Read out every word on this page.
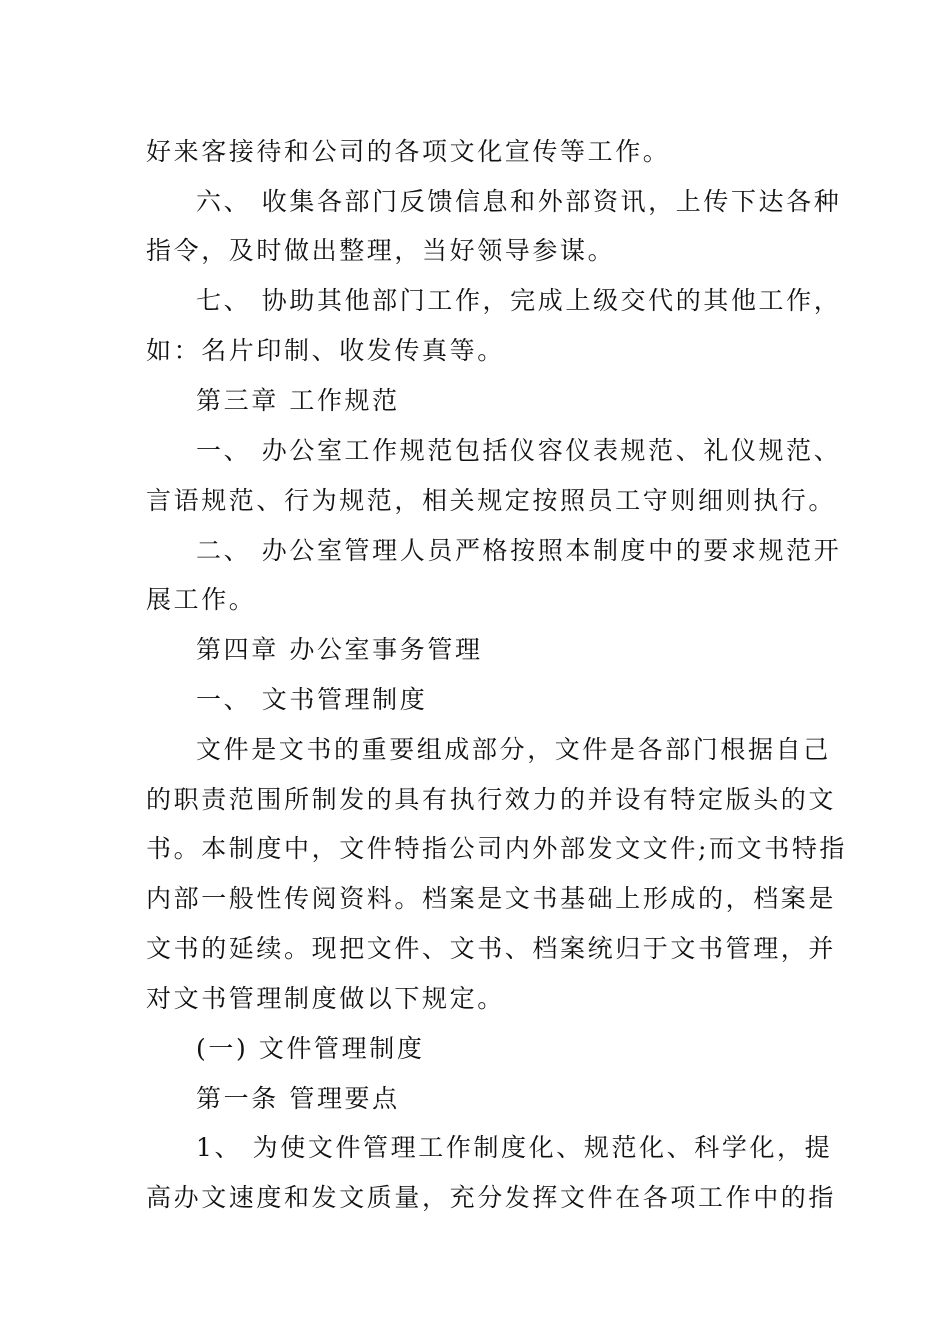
好来客接待和公司的各项文化宣传等工作。
六、 收集各部门反馈信息和外部资讯，上传下达各种
指令，及时做出整理，当好领导参谋。
七、 协助其他部门工作，完成上级交代的其他工作，
如：名片印制、收发传真等。
第三章 工作规范
一、 办公室工作规范包括仪容仪表规范、礼仪规范、
言语规范、行为规范，相关规定按照员工守则细则执行。
二、 办公室管理人员严格按照本制度中的要求规范开
展工作。
第四章 办公室事务管理
一、 文书管理制度
文件是文书的重要组成部分，文件是各部门根据自己
的职责范围所制发的具有执行效力的并设有特定版头的文
书。本制度中，文件特指公司内外部发文文件;而文书特指
内部一般性传阅资料。档案是文书基础上形成的，档案是
文书的延续。现把文件、文书、档案统归于文书管理，并
对文书管理制度做以下规定。
(一) 文件管理制度
第一条 管理要点
1、 为使文件管理工作制度化、规范化、科学化，提
高办文速度和发文质量，充分发挥文件在各项工作中的指
